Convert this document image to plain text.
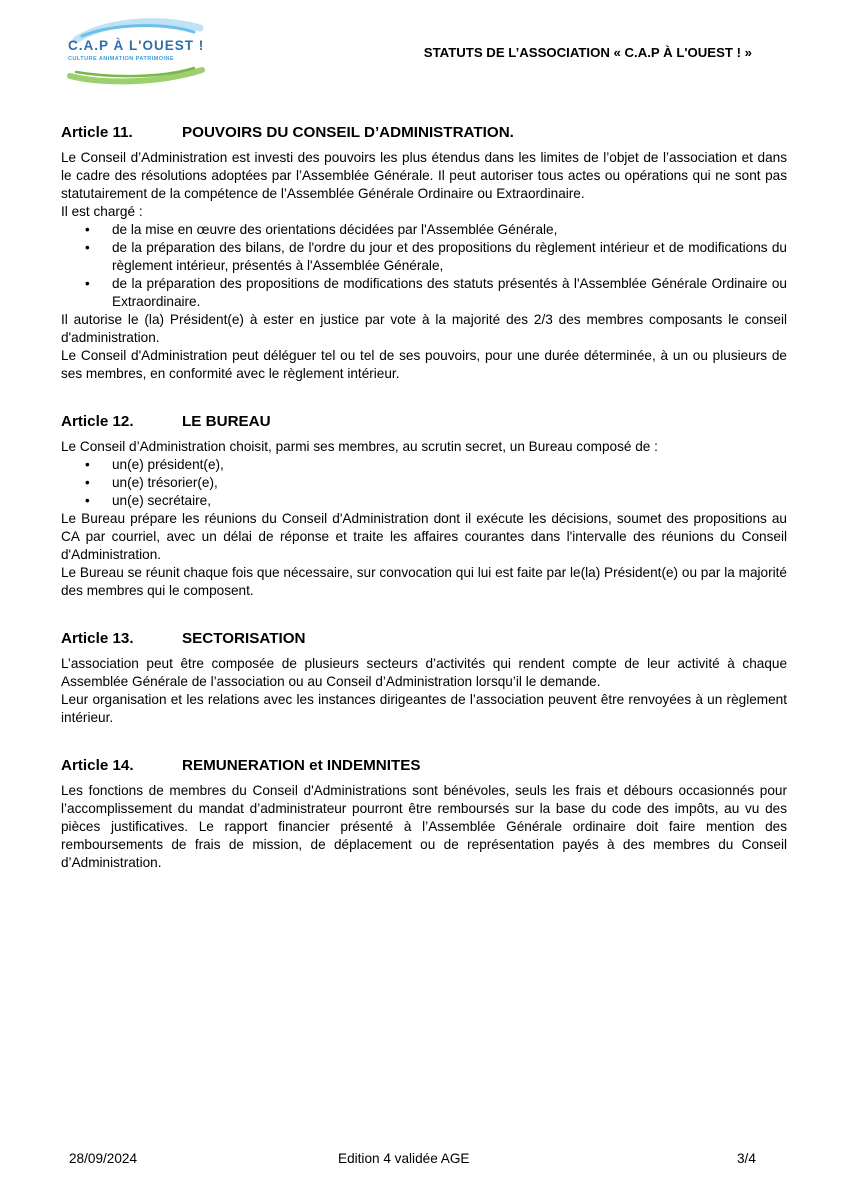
C.A.P À L'OUEST !
CULTURE ANIMATION PATRIMOINE	STATUTS DE L’ASSOCIATION « C.A.P À L'OUEST ! »
Article 11.	POUVOIRS DU CONSEIL D’ADMINISTRATION.

Le Conseil d’Administration est investi des pouvoirs les plus étendus dans les limites de l’objet de l’association et dans le cadre des résolutions adoptées par l’Assemblée Générale. Il peut autoriser tous actes ou opérations qui ne sont pas statutairement de la compétence de l’Assemblée Générale Ordinaire ou Extraordinaire.

Il est chargé :

• de la mise en œuvre des orientations décidées par l'Assemblée Générale,
• de la préparation des bilans, de l'ordre du jour et des propositions du règlement intérieur et de modifications du règlement intérieur, présentés à l'Assemblée Générale,
• de la préparation des propositions de modifications des statuts présentés à l'Assemblée Générale Ordinaire ou Extraordinaire.

Il autorise le (la) Président(e) à ester en justice par vote à la majorité des 2/3 des membres composants le conseil d'administration.

Le Conseil d'Administration peut déléguer tel ou tel de ses pouvoirs, pour une durée déterminée, à un ou plusieurs de ses membres, en conformité avec le règlement intérieur.

Article 12.	LE BUREAU

Le Conseil d’Administration choisit, parmi ses membres, au scrutin secret, un Bureau composé de :

• un(e) président(e),
• un(e) trésorier(e),
• un(e) secrétaire,

Le Bureau prépare les réunions du Conseil d'Administration dont il exécute les décisions, soumet des propositions au CA par courriel, avec un délai de réponse et traite les affaires courantes dans l'intervalle des réunions du Conseil d'Administration.

Le Bureau se réunit chaque fois que nécessaire, sur convocation qui lui est faite par le(la) Président(e) ou par la majorité des membres qui le composent.

Article 13.	SECTORISATION

L’association peut être composée de plusieurs secteurs d’activités qui rendent compte de leur activité à chaque Assemblée Générale de l’association ou au Conseil d’Administration lorsqu’il le demande.

Leur organisation et les relations avec les instances dirigeantes de l’association peuvent être renvoyées à un règlement intérieur.

Article 14.	REMUNERATION et INDEMNITES

Les fonctions de membres du Conseil d'Administrations sont bénévoles, seuls les frais et débours occasionnés pour l’accomplissement du mandat d’administrateur pourront être remboursés sur la base du code des impôts, au vu des pièces justificatives. Le rapport financier présenté à l’Assemblée Générale ordinaire doit faire mention des remboursements de frais de mission, de déplacement ou de représentation payés à des membres du Conseil d’Administration.

28/09/2024	Edition 4 validée AGE	3/4
